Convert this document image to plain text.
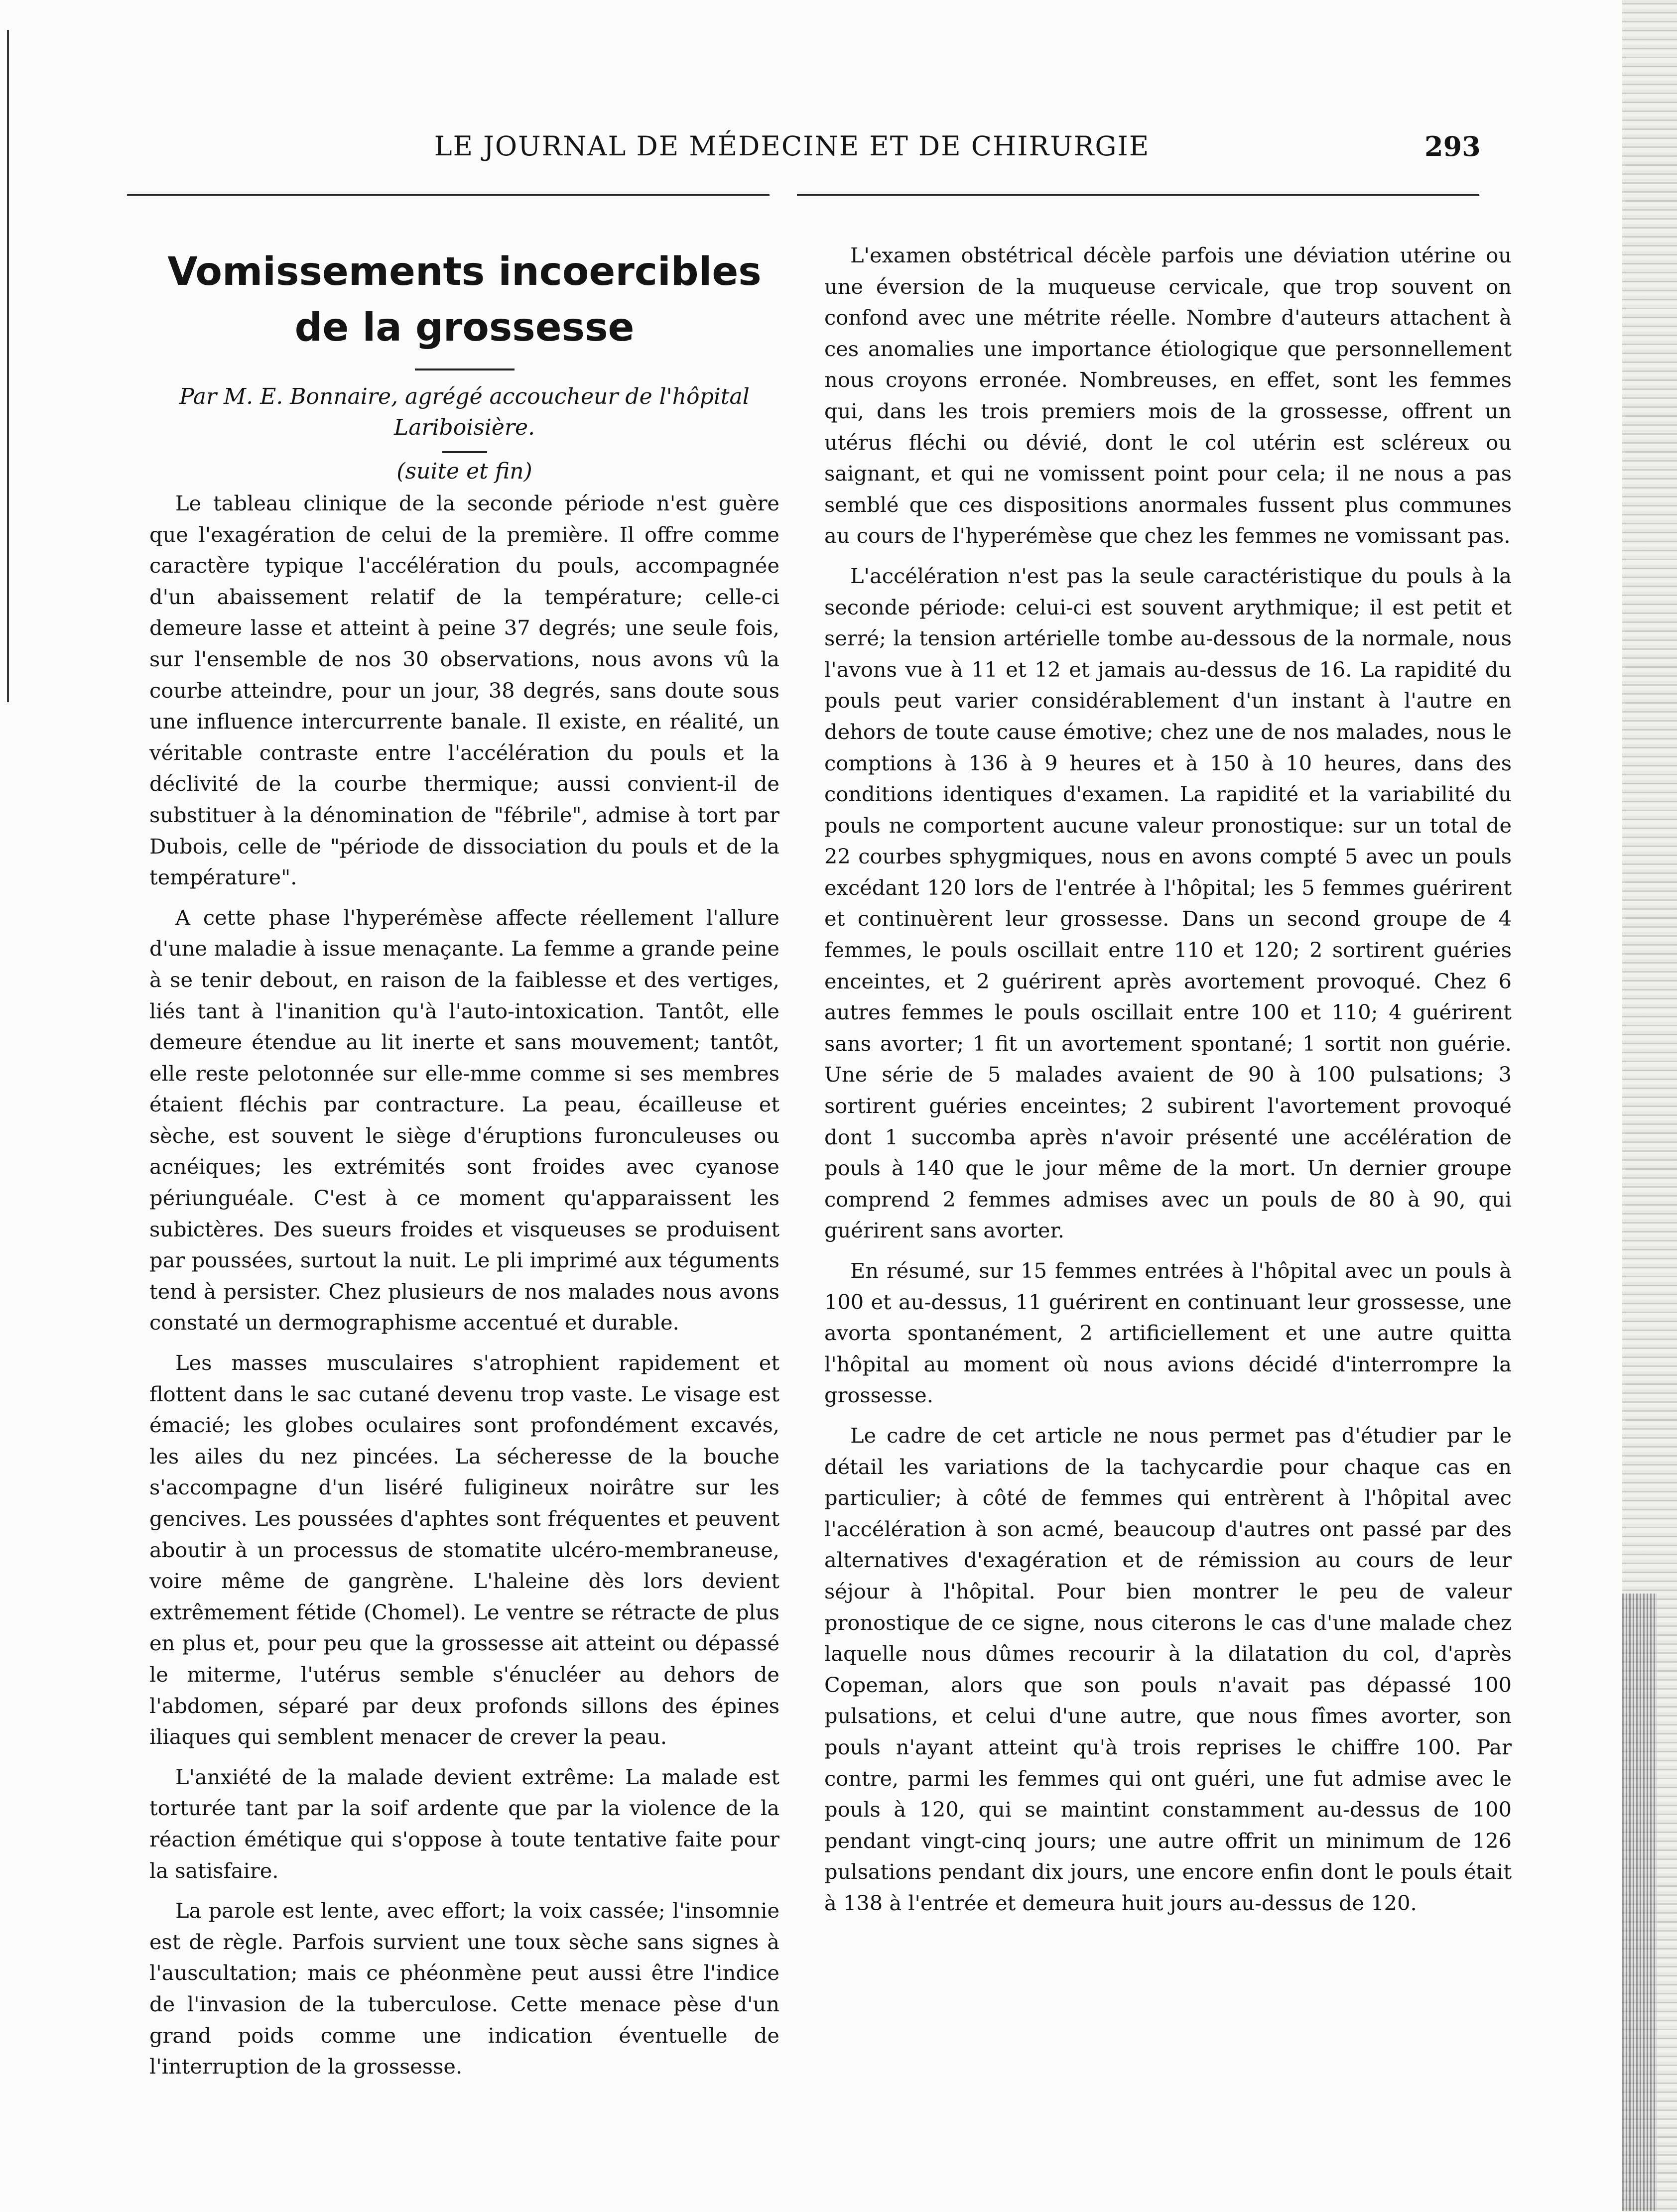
LE JOURNAL DE MÉDECINE ET DE CHIRURGIE	293
Vomissements incoercibles de la grossesse

Par M. E. Bonnaire, agrégé accoucheur de l'hôpital Lariboisière.

(suite et fin)

Le tableau clinique de la seconde période n'est guère que l'exagération de celui de la première. Il offre comme caractère typique l'accélération du pouls, accompagnée d'un abaissement relatif de la température; celle-ci demeure lasse et atteint à peine 37 degrés; une seule fois, sur l'ensemble de nos 30 observations, nous avons vû la courbe atteindre, pour un jour, 38 degrés, sans doute sous une influence intercurrente banale. Il existe, en réalité, un véritable contraste entre l'accélération du pouls et la déclivité de la courbe thermique; aussi convient-il de substituer à la dénomination de "fébrile", admise à tort par Dubois, celle de "période de dissociation du pouls et de la température".

A cette phase l'hyperémèse affecte réellement l'allure d'une maladie à issue menaçante. La femme a grande peine à se tenir debout, en raison de la faiblesse et des vertiges, liés tant à l'inanition qu'à l'auto-intoxication. Tantôt, elle demeure étendue au lit inerte et sans mouvement; tantôt, elle reste pelotonnée sur elle-mme comme si ses membres étaient fléchis par contracture. La peau, écailleuse et sèche, est souvent le siège d'éruptions furonculeuses ou acnéiques; les extrémités sont froides avec cyanose périunguéale. C'est à ce moment qu'apparaissent les subictères. Des sueurs froides et visqueuses se produisent par poussées, surtout la nuit. Le pli imprimé aux téguments tend à persister. Chez plusieurs de nos malades nous avons constaté un dermographisme accentué et durable.

Les masses musculaires s'atrophient rapidement et flottent dans le sac cutané devenu trop vaste. Le visage est émacié; les globes oculaires sont profondément excavés, les ailes du nez pincées. La sécheresse de la bouche s'accompagne d'un liséré fuligineux noirâtre sur les gencives. Les poussées d'aphtes sont fréquentes et peuvent aboutir à un processus de stomatite ulcéro-membraneuse, voire même de gangrène. L'haleine dès lors devient extrêmement fétide (Chomel). Le ventre se rétracte de plus en plus et, pour peu que la grossesse ait atteint ou dépassé le miterme, l'utérus semble s'énucléer au dehors de l'abdomen, séparé par deux profonds sillons des épines iliaques qui semblent menacer de crever la peau.

L'anxiété de la malade devient extrême: La malade est torturée tant par la soif ardente que par la violence de la réaction émétique qui s'oppose à toute tentative faite pour la satisfaire.

La parole est lente, avec effort; la voix cassée; l'insomnie est de règle. Parfois survient une toux sèche sans signes à l'auscultation; mais ce phéonmène peut aussi être l'indice de l'invasion de la tuberculose. Cette menace pèse d'un grand poids comme une indication éventuelle de l'interruption de la grossesse.

L'examen obstétrical décèle parfois une déviation utérine ou une éversion de la muqueuse cervicale, que trop souvent on confond avec une métrite réelle. Nombre d'auteurs attachent à ces anomalies une importance étiologique que personnellement nous croyons erronée. Nombreuses, en effet, sont les femmes qui, dans les trois premiers mois de la grossesse, offrent un utérus fléchi ou dévié, dont le col utérin est scléreux ou saignant, et qui ne vomissent point pour cela; il ne nous a pas semblé que ces dispositions anormales fussent plus communes au cours de l'hyperémèse que chez les femmes ne vomissant pas.

L'accélération n'est pas la seule caractéristique du pouls à la seconde période: celui-ci est souvent arythmique; il est petit et serré; la tension artérielle tombe au-dessous de la normale, nous l'avons vue à 11 et 12 et jamais au-dessus de 16. La rapidité du pouls peut varier considérablement d'un instant à l'autre en dehors de toute cause émotive; chez une de nos malades, nous le comptions à 136 à 9 heures et à 150 à 10 heures, dans des conditions identiques d'examen. La rapidité et la variabilité du pouls ne comportent aucune valeur pronostique: sur un total de 22 courbes sphygmiques, nous en avons compté 5 avec un pouls excédant 120 lors de l'entrée à l'hôpital; les 5 femmes guérirent et continuèrent leur grossesse. Dans un second groupe de 4 femmes, le pouls oscillait entre 110 et 120; 2 sortirent guéries enceintes, et 2 guérirent après avortement provoqué. Chez 6 autres femmes le pouls oscillait entre 100 et 110; 4 guérirent sans avorter; 1 fit un avortement spontané; 1 sortit non guérie. Une série de 5 malades avaient de 90 à 100 pulsations; 3 sortirent guéries enceintes; 2 subirent l'avortement provoqué dont 1 succomba après n'avoir présenté une accélération de pouls à 140 que le jour même de la mort. Un dernier groupe comprend 2 femmes admises avec un pouls de 80 à 90, qui guérirent sans avorter.

En résumé, sur 15 femmes entrées à l'hôpital avec un pouls à 100 et au-dessus, 11 guérirent en continuant leur grossesse, une avorta spontanément, 2 artificiellement et une autre quitta l'hôpital au moment où nous avions décidé d'interrompre la grossesse.

Le cadre de cet article ne nous permet pas d'étudier par le détail les variations de la tachycardie pour chaque cas en particulier; à côté de femmes qui entrèrent à l'hôpital avec l'accélération à son acmé, beaucoup d'autres ont passé par des alternatives d'exagération et de rémission au cours de leur séjour à l'hôpital. Pour bien montrer le peu de valeur pronostique de ce signe, nous citerons le cas d'une malade chez laquelle nous dûmes recourir à la dilatation du col, d'après Copeman, alors que son pouls n'avait pas dépassé 100 pulsations, et celui d'une autre, que nous fîmes avorter, son pouls n'ayant atteint qu'à trois reprises le chiffre 100. Par contre, parmi les femmes qui ont guéri, une fut admise avec le pouls à 120, qui se maintint constamment au-dessus de 100 pendant vingt-cinq jours; une autre offrit un minimum de 126 pulsations pendant dix jours, une encore enfin dont le pouls était à 138 à l'entrée et demeura huit jours au-dessus de 120.
